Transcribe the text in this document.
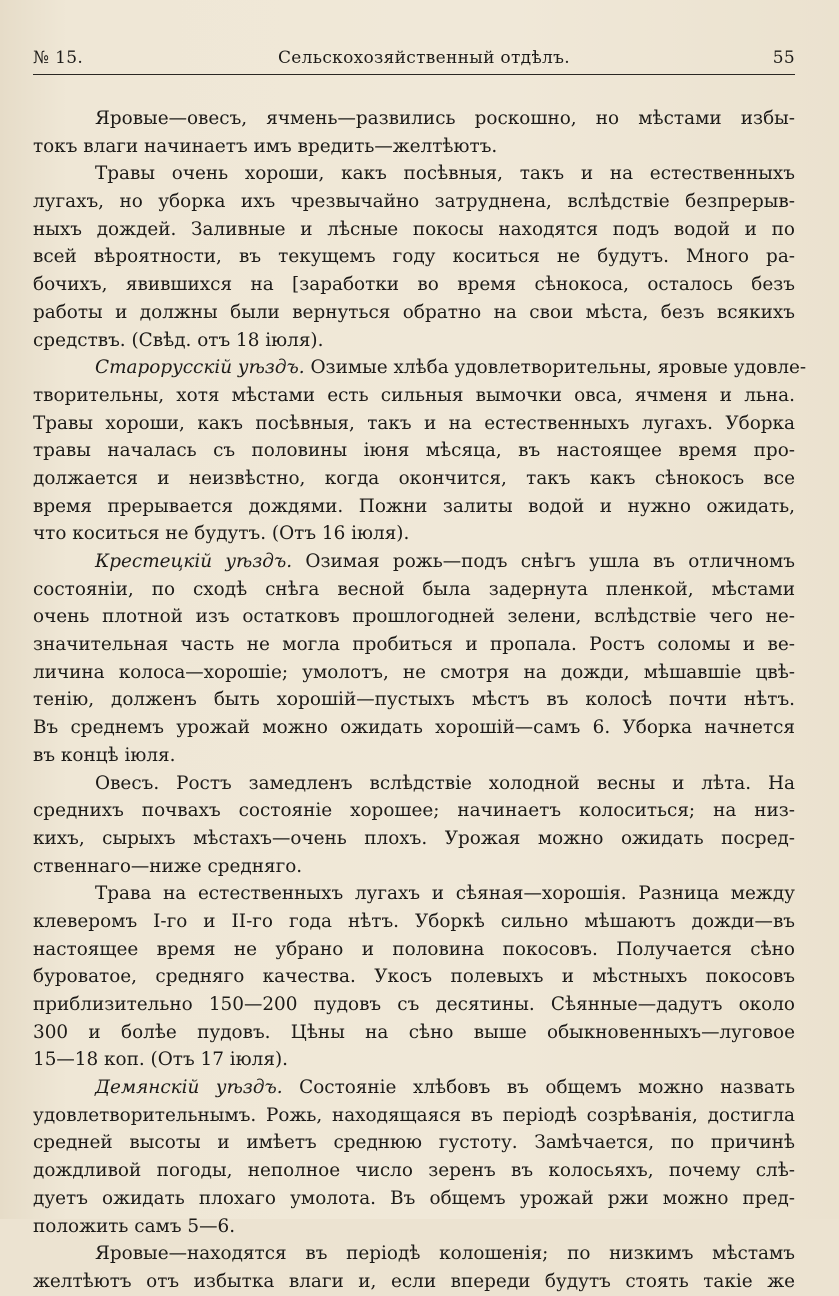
№ 15.	Сельскохозяйственный отдѣлъ.	55
Яровые—овесъ, ячмень—развились роскошно, но мѣстами избы-
токъ влаги начинаетъ имъ вредить—желтѣютъ.
Травы очень хороши, какъ посѣвныя, такъ и на естественныхъ
лугахъ, но уборка ихъ чрезвычайно затруднена, вслѣдствіе безпрерыв-
ныхъ дождей. Заливные и лѣсные покосы находятся подъ водой и по
всей вѣроятности, въ текущемъ году коситься не будутъ. Много ра-
бочихъ, явившихся на [заработки во время сѣнокоса, осталось безъ
работы и должны были вернуться обратно на свои мѣста, безъ всякихъ
средствъ. (Свѣд. отъ 18 іюля).
Старорусскій уѣздъ. Озимые хлѣба удовлетворительны, яровые удовле-
творительны, хотя мѣстами есть сильныя вымочки овса, ячменя и льна.
Травы хороши, какъ посѣвныя, такъ и на естественныхъ лугахъ. Уборка
травы началась съ половины іюня мѣсяца, въ настоящее время про-
должается и неизвѣстно, когда окончится, такъ какъ сѣнокосъ все
время прерывается дождями. Пожни залиты водой и нужно ожидать,
что коситься не будутъ. (Отъ 16 іюля).
Крестецкій уѣздъ. Озимая рожь—подъ снѣгъ ушла въ отличномъ
состояніи, по сходѣ снѣга весной была задернута пленкой, мѣстами
очень плотной изъ остатковъ прошлогодней зелени, вслѣдствіе чего не-
значительная часть не могла пробиться и пропала. Ростъ соломы и ве-
личина колоса—хорошіе; умолотъ, не смотря на дожди, мѣшавшіе цвѣ-
тенію, долженъ быть хорошій—пустыхъ мѣстъ въ колосѣ почти нѣтъ.
Въ среднемъ урожай можно ожидать хорошій—самъ 6. Уборка начнется
въ концѣ іюля.
Овесъ. Ростъ замедленъ вслѣдствіе холодной весны и лѣта. На
среднихъ почвахъ состояніе хорошее; начинаетъ колоситься; на низ-
кихъ, сырыхъ мѣстахъ—очень плохъ. Урожая можно ожидать посред-
ственнаго—ниже средняго.
Трава на естественныхъ лугахъ и сѣяная—хорошія. Разница между
клеверомъ I-го и II-го года нѣтъ. Уборкѣ сильно мѣшаютъ дожди—въ
настоящее время не убрано и половина покосовъ. Получается сѣно
буроватое, средняго качества. Укосъ полевыхъ и мѣстныхъ покосовъ
приблизительно 150—200 пудовъ съ десятины. Сѣянные—дадутъ около
300 и болѣе пудовъ. Цѣны на сѣно выше обыкновенныхъ—луговое
15—18 коп. (Отъ 17 іюля).
Демянскій уѣздъ. Состояніе хлѣбовъ въ общемъ можно назвать
удовлетворительнымъ. Рожь, находящаяся въ періодѣ созрѣванія, достигла
средней высоты и имѣетъ среднюю густоту. Замѣчается, по причинѣ
дождливой погоды, неполное число зеренъ въ колосьяхъ, почему слѣ-
дуетъ ожидать плохаго умолота. Въ общемъ урожай ржи можно пред-
положить самъ 5—6.
Яровые—находятся въ періодѣ колошенія; по низкимъ мѣстамъ
желтѣютъ отъ избытка влаги и, если впереди будутъ стоять такіе же
